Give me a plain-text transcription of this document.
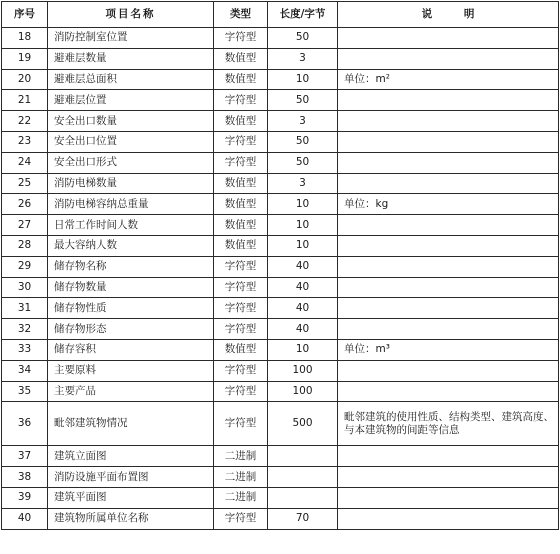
序号	项目名称	类型	长度/字节	说 明
18	消防控制室位置	字符型	50	
19	避难层数量	数值型	3	
20	避难层总面积	数值型	10	单位：m²
21	避难层位置	字符型	50	
22	安全出口数量	数值型	3	
23	安全出口位置	字符型	50	
24	安全出口形式	字符型	50	
25	消防电梯数量	数值型	3	
26	消防电梯容纳总重量	数值型	10	单位：kg
27	日常工作时间人数	数值型	10	
28	最大容纳人数	数值型	10	
29	储存物名称	字符型	40	
30	储存物数量	字符型	40	
31	储存物性质	字符型	40	
32	储存物形态	字符型	40	
33	储存容积	数值型	10	单位：m³
34	主要原料	字符型	100	
35	主要产品	字符型	100	
36	毗邻建筑物情况	字符型	500	毗邻建筑的使用性质、结构类型、建筑高度、与本建筑物的间距等信息
37	建筑立面图	二进制		
38	消防设施平面布置图	二进制		
39	建筑平面图	二进制		
40	建筑物所属单位名称	字符型	70	
